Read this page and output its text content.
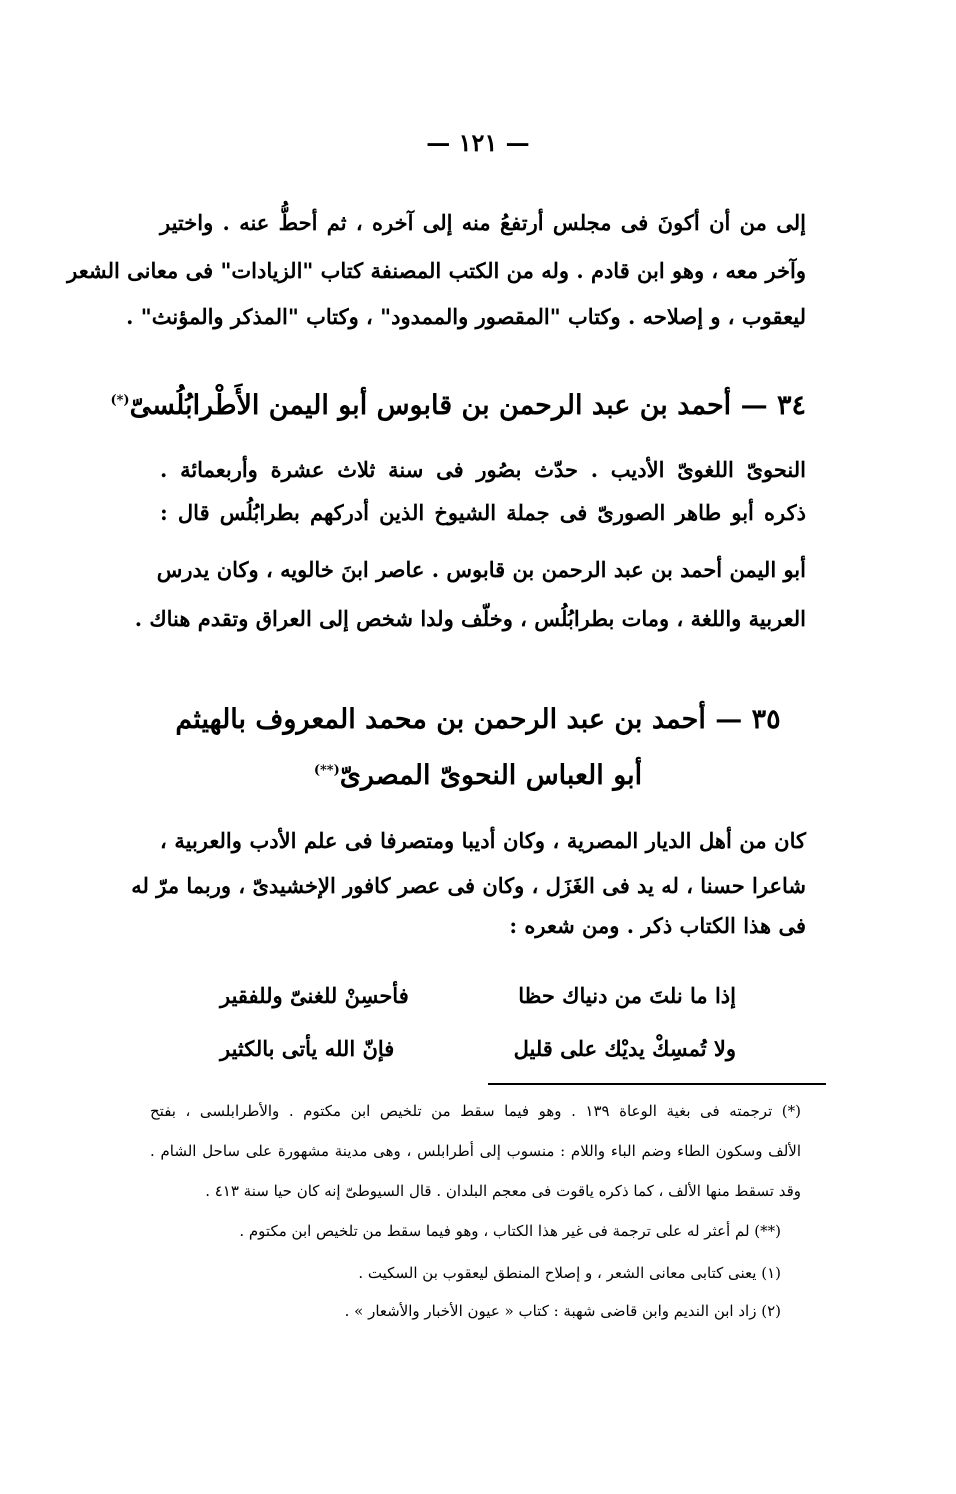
— ١٢١ —
إلى من أن أكونَ فى مجلس أرتفعُ منه إلى آخره ، ثم أحطُّ عنه . واختير
وآخر معه ، وهو ابن قادم . وله من الكتب المصنفة كتاب "الزيادات" فى معانى الشعر
ليعقوب ، و إصلاحه . وكتاب "المقصور والممدود" ، وكتاب "المذكر والمؤنث" .
٣٤ — أحمد بن عبد الرحمن بن قابوس أبو اليمن الأَطْرابُلُسىّ(*)
النحوىّ اللغوىّ الأديب . حدّث بصُور فى سنة ثلاث عشرة وأربعمائة .
ذكره أبو طاهر الصورىّ فى جملة الشيوخ الذين أدركهم بطرابُلُس قال :
أبو اليمن أحمد بن عبد الرحمن بن قابوس . عاصر ابنَ خالويه ، وكان يدرس
العربية واللغة ، ومات بطرابُلُس ، وخلّف ولدا شخص إلى العراق وتقدم هناك .
٣٥ — أحمد بن عبد الرحمن بن محمد المعروف بالهيثم
أبو العباس النحوىّ المصرىّ(**)
كان من أهل الديار المصرية ، وكان أديبا ومتصرفا فى علم الأدب والعربية ،
شاعرا حسنا ، له يد فى الغَزَل ، وكان فى عصر كافور الإخشيدىّ ، وربما مرّ له
فى هذا الكتاب ذكر . ومن شعره :
إذا ما نلتَ من دنياك حظا
فأحسِنْ للغنىّ وللفقير
ولا تُمسِكْ يديْك على قليل
فإنّ الله يأتى بالكثير
(*) ترجمته فى بغية الوعاة ١٣٩ . وهو فيما سقط من تلخيص ابن مكتوم . والأطرابلسى ، بفتح
الألف وسكون الطاء وضم الباء واللام : منسوب إلى أطرابلس ، وهى مدينة مشهورة على ساحل الشام .
وقد تسقط منها الألف ، كما ذكره ياقوت فى معجم البلدان . قال السيوطىّ إنه كان حيا سنة ٤١٣ .
(**) لم أعثر له على ترجمة فى غير هذا الكتاب ، وهو فيما سقط من تلخيص ابن مكتوم .
(١) يعنى كتابى معانى الشعر ، و إصلاح المنطق ليعقوب بن السكيت .
(٢) زاد ابن النديم وابن قاضى شهبة : كتاب « عيون الأخبار والأشعار » .
